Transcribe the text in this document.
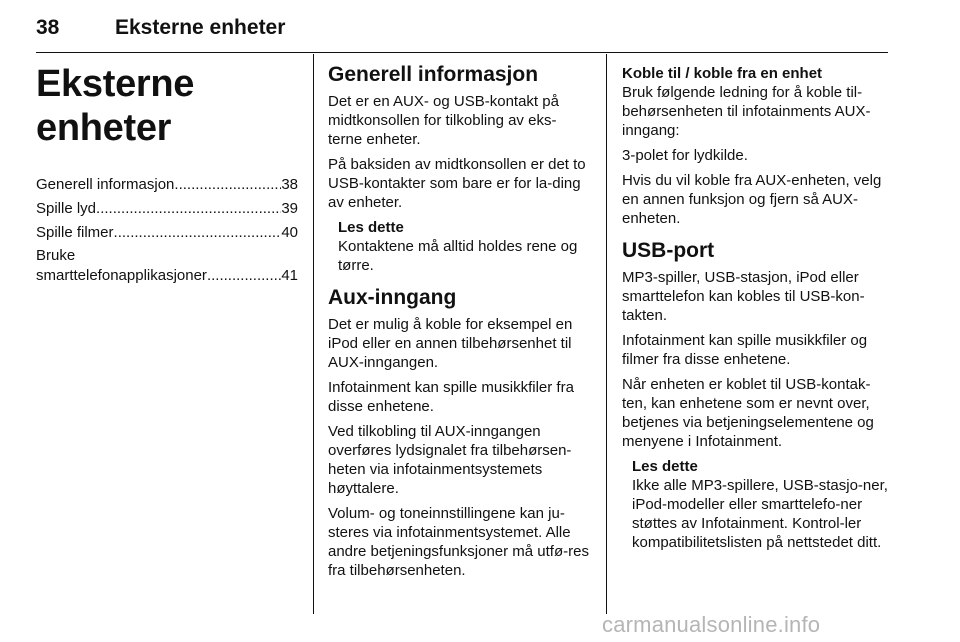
38	Eksterne enheter
Eksterne enheter
Generell informasjon .....	38
Spille lyd .....	39
Spille filmer .....	40
Bruke
smarttelefonapplikasjoner .....	41
Generell informasjon

Det er en AUX- og USB-kontakt på midtkonsollen for tilkobling av eks-terne enheter.

På baksiden av midtkonsollen er det to USB-kontakter som bare er for la-ding av enheter.

Les dette

Kontaktene må alltid holdes rene og tørre.

Aux-inngang

Det er mulig å koble for eksempel en iPod eller en annen tilbehørsenhet til AUX-inngangen.

Infotainment kan spille musikkfiler fra disse enhetene.

Ved tilkobling til AUX-inngangen overføres lydsignalet fra tilbehørsen-heten via infotainmentsystemets høyttalere.

Volum- og toneinnstillingene kan ju-steres via infotainmentsystemet. Alle andre betjeningsfunksjoner må utfø-res fra tilbehørsenheten.

Koble til / koble fra en enhet

Bruk følgende ledning for å koble til-behørsenheten til infotainments AUX-inngang:

3-polet for lydkilde.

Hvis du vil koble fra AUX-enheten, velg en annen funksjon og fjern så AUX-enheten.

USB-port

MP3-spiller, USB-stasjon, iPod eller smarttelefon kan kobles til USB-kon-takten.

Infotainment kan spille musikkfiler og filmer fra disse enhetene.

Når enheten er koblet til USB-kontak-ten, kan enhetene som er nevnt over, betjenes via betjeningselementene og menyene i Infotainment.

Les dette

Ikke alle MP3-spillere, USB-stasjo-ner, iPod-modeller eller smarttelefo-ner støttes av Infotainment. Kontrol-ler kompatibilitetslisten på nettstedet ditt.

carmanualsonline.info
